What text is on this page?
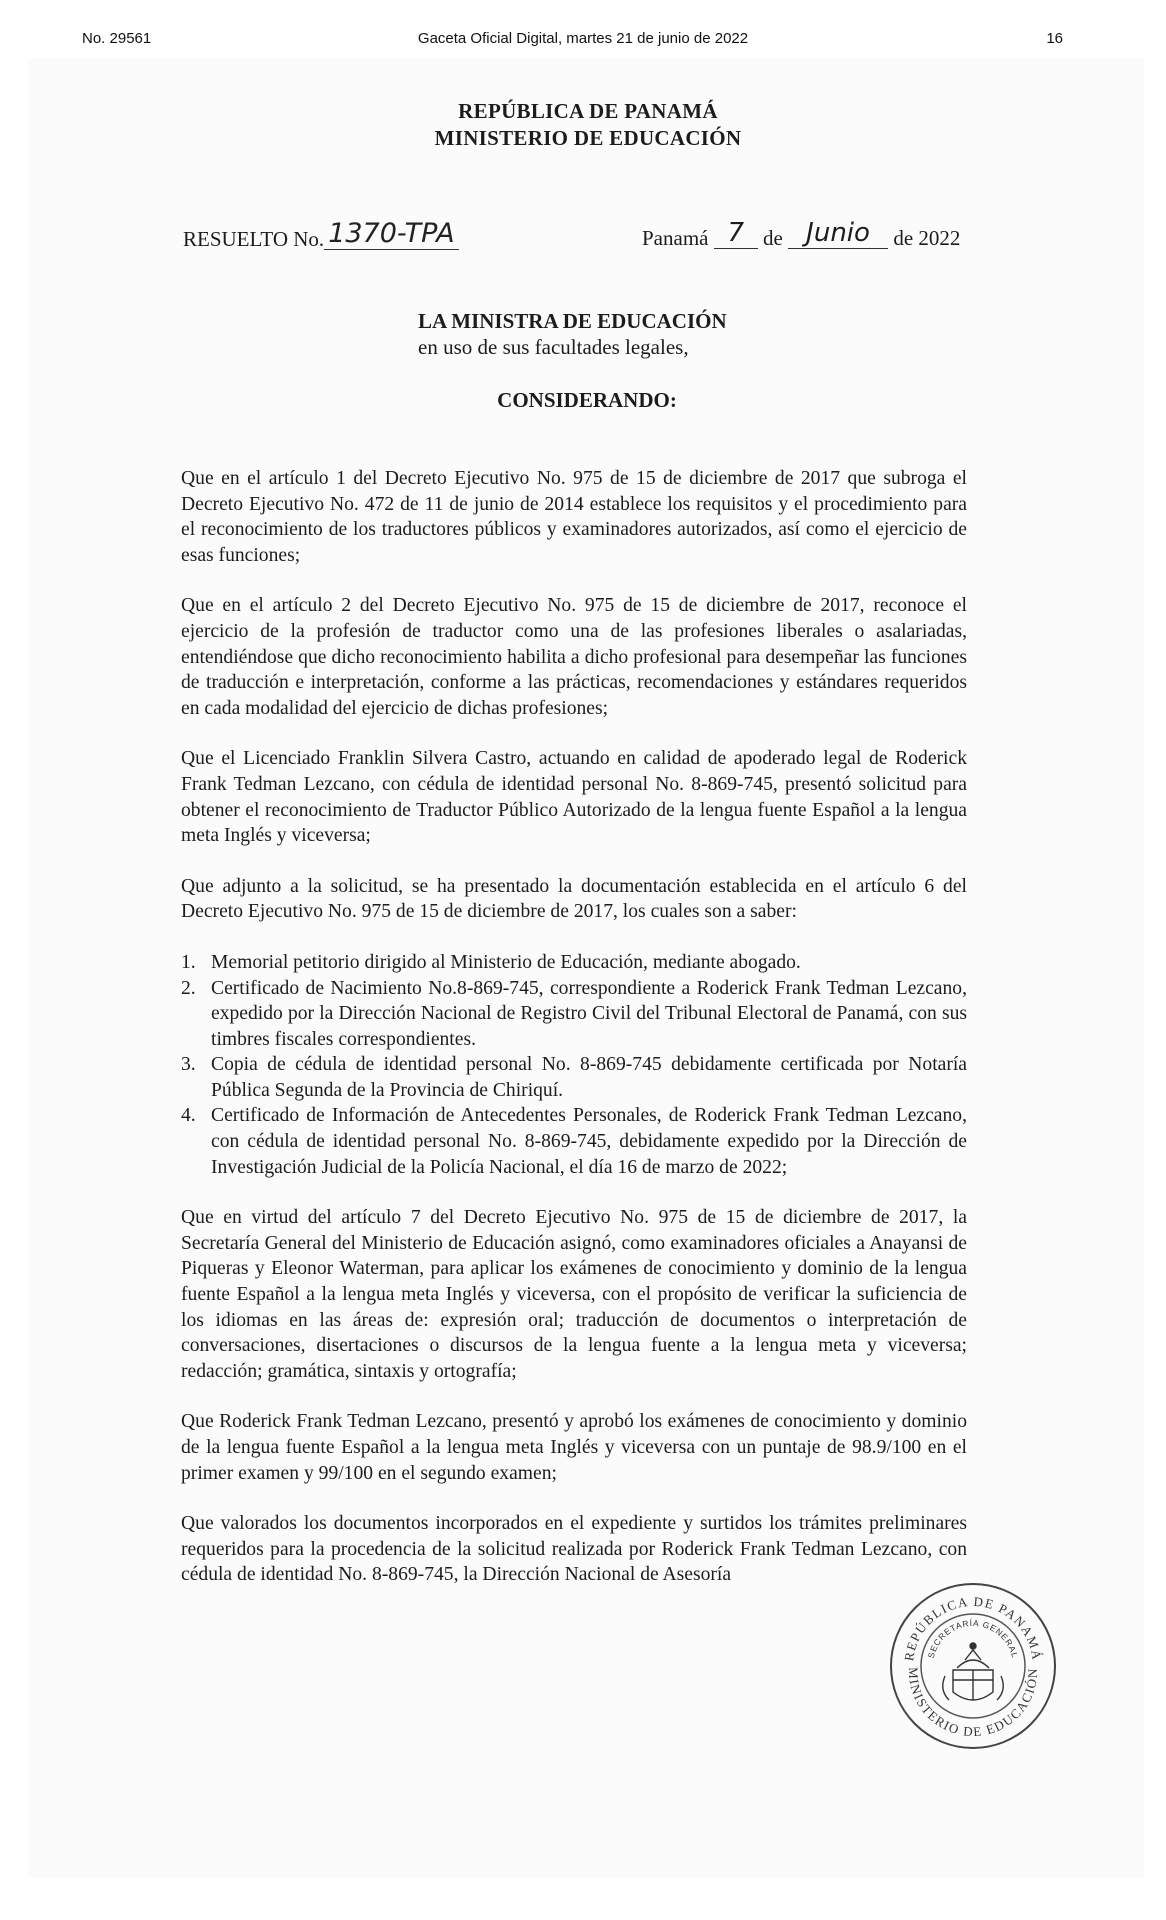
No. 29561	Gaceta Oficial Digital, martes 21 de junio de 2022	16
REPÚBLICA DE PANAMÁ
MINISTERIO DE EDUCACIÓN
RESUELTO No. 1370-TPA	Panamá 7 de Junio de 2022
LA MINISTRA DE EDUCACIÓN
en uso de sus facultades legales,
CONSIDERANDO:

Que en el artículo 1 del Decreto Ejecutivo No. 975 de 15 de diciembre de 2017 que subroga el Decreto Ejecutivo No. 472 de 11 de junio de 2014 establece los requisitos y el procedimiento para el reconocimiento de los traductores públicos y examinadores autorizados, así como el ejercicio de esas funciones;

Que en el artículo 2 del Decreto Ejecutivo No. 975 de 15 de diciembre de 2017, reconoce el ejercicio de la profesión de traductor como una de las profesiones liberales o asalariadas, entendiéndose que dicho reconocimiento habilita a dicho profesional para desempeñar las funciones de traducción e interpretación, conforme a las prácticas, recomendaciones y estándares requeridos en cada modalidad del ejercicio de dichas profesiones;

Que el Licenciado Franklin Silvera Castro, actuando en calidad de apoderado legal de Roderick Frank Tedman Lezcano, con cédula de identidad personal No. 8-869-745, presentó solicitud para obtener el reconocimiento de Traductor Público Autorizado de la lengua fuente Español a la lengua meta Inglés y viceversa;

Que adjunto a la solicitud, se ha presentado la documentación establecida en el artículo 6 del Decreto Ejecutivo No. 975 de 15 de diciembre de 2017, los cuales son a saber:

1. Memorial petitorio dirigido al Ministerio de Educación, mediante abogado.
2. Certificado de Nacimiento No.8-869-745, correspondiente a Roderick Frank Tedman Lezcano, expedido por la Dirección Nacional de Registro Civil del Tribunal Electoral de Panamá, con sus timbres fiscales correspondientes.
3. Copia de cédula de identidad personal No. 8-869-745 debidamente certificada por Notaría Pública Segunda de la Provincia de Chiriquí.
4. Certificado de Información de Antecedentes Personales, de Roderick Frank Tedman Lezcano, con cédula de identidad personal No. 8-869-745, debidamente expedido por la Dirección de Investigación Judicial de la Policía Nacional, el día 16 de marzo de 2022;

Que en virtud del artículo 7 del Decreto Ejecutivo No. 975 de 15 de diciembre de 2017, la Secretaría General del Ministerio de Educación asignó, como examinadores oficiales a Anayansi de Piqueras y Eleonor Waterman, para aplicar los exámenes de conocimiento y dominio de la lengua fuente Español a la lengua meta Inglés y viceversa, con el propósito de verificar la suficiencia de los idiomas en las áreas de: expresión oral; traducción de documentos o interpretación de conversaciones, disertaciones o discursos de la lengua fuente a la lengua meta y viceversa; redacción; gramática, sintaxis y ortografía;

Que Roderick Frank Tedman Lezcano, presentó y aprobó los exámenes de conocimiento y dominio de la lengua fuente Español a la lengua meta Inglés y viceversa con un puntaje de 98.9/100 en el primer examen y 99/100 en el segundo examen;

Que valorados los documentos incorporados en el expediente y surtidos los trámites preliminares requeridos para la procedencia de la solicitud realizada por Roderick Frank Tedman Lezcano, con cédula de identidad No. 8-869-745, la Dirección Nacional de Asesoría

REPÚBLICA DE PANAMÁ
MINISTERIO DE EDUCACIÓN
SECRETARÍA GENERAL
